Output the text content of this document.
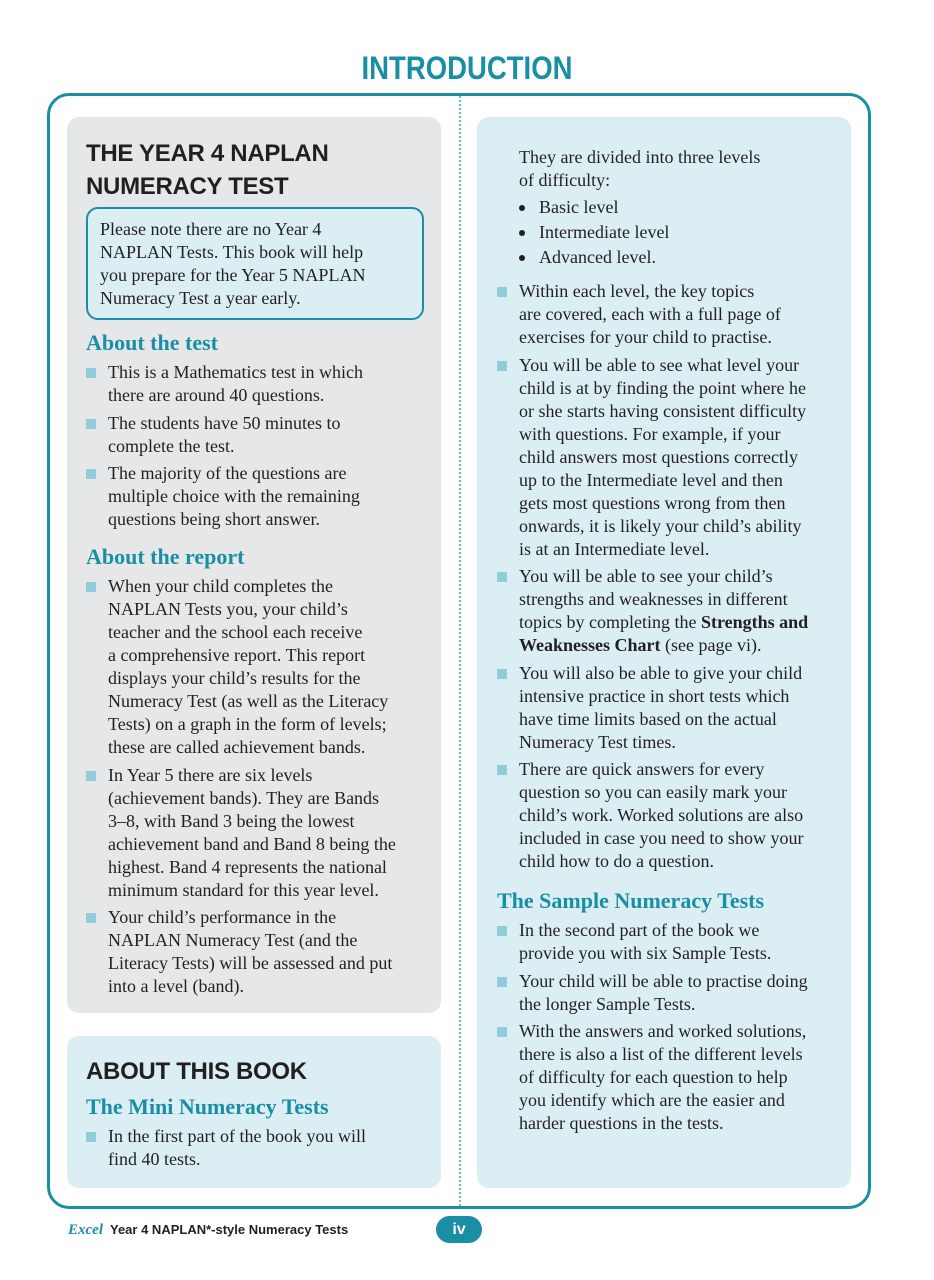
INTRODUCTION
THE YEAR 4 NAPLAN
NUMERACY TEST
Please note there are no Year 4
NAPLAN Tests. This book will help
you prepare for the Year 5 NAPLAN
Numeracy Test a year early.
About the test
This is a Mathematics test in which
there are around 40 questions.
The students have 50 minutes to
complete the test.
The majority of the questions are
multiple choice with the remaining
questions being short answer.
About the report
When your child completes the
NAPLAN Tests you, your child’s
teacher and the school each receive
a comprehensive report. This report
displays your child’s results for the
Numeracy Test (as well as the Literacy
Tests) on a graph in the form of levels;
these are called achievement bands.
In Year 5 there are six levels
(achievement bands). They are Bands
3–8, with Band 3 being the lowest
achievement band and Band 8 being the
highest. Band 4 represents the national
minimum standard for this year level.
Your child’s performance in the
NAPLAN Numeracy Test (and the
Literacy Tests) will be assessed and put
into a level (band).
ABOUT THIS BOOK
The Mini Numeracy Tests
In the first part of the book you will
find 40 tests.
They are divided into three levels
of difficulty:
Basic level
Intermediate level
Advanced level.
Within each level, the key topics
are covered, each with a full page of
exercises for your child to practise.
You will be able to see what level your
child is at by finding the point where he
or she starts having consistent difficulty
with questions. For example, if your
child answers most questions correctly
up to the Intermediate level and then
gets most questions wrong from then
onwards, it is likely your child’s ability
is at an Intermediate level.
You will be able to see your child’s
strengths and weaknesses in different
topics by completing the Strengths and
Weaknesses Chart (see page vi).
You will also be able to give your child
intensive practice in short tests which
have time limits based on the actual
Numeracy Test times.
There are quick answers for every
question so you can easily mark your
child’s work. Worked solutions are also
included in case you need to show your
child how to do a question.
The Sample Numeracy Tests
In the second part of the book we
provide you with six Sample Tests.
Your child will be able to practise doing
the longer Sample Tests.
With the answers and worked solutions,
there is also a list of the different levels
of difficulty for each question to help
you identify which are the easier and
harder questions in the tests.
Excel Year 4 NAPLAN*-style Numeracy Tests	iv
